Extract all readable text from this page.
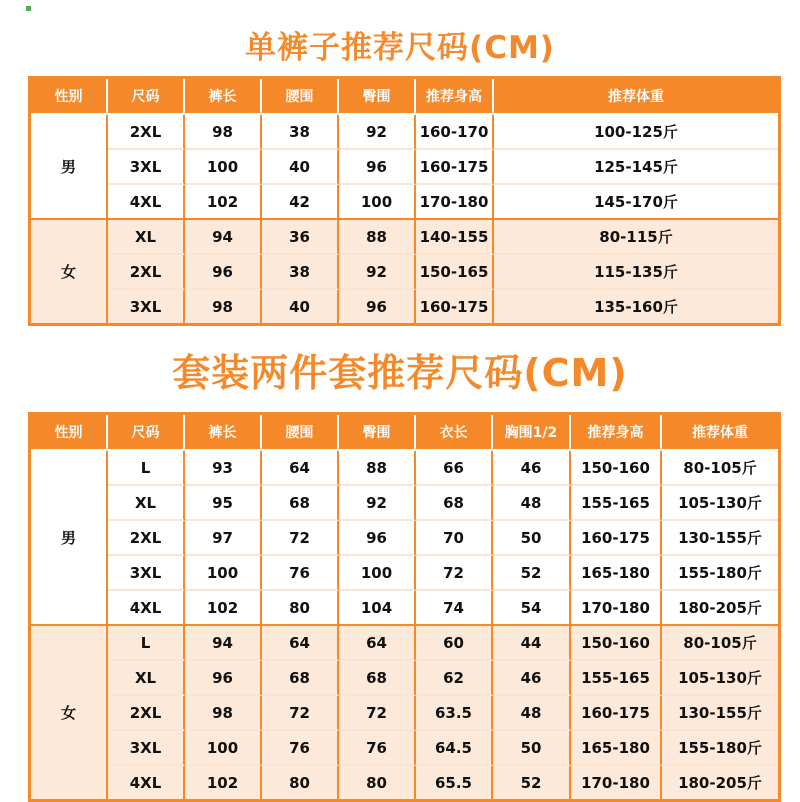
单裤子推荐尺码(CM)
性别	尺码	裤长	腰围	臀围	推荐身高	推荐体重
男	2XL	98	38	92	160-170	100-125斤
	3XL	100	40	96	160-175	125-145斤
	4XL	102	42	100	170-180	145-170斤
女	XL	94	36	88	140-155	80-115斤
	2XL	96	38	92	150-165	115-135斤
	3XL	98	40	96	160-175	135-160斤
套装两件套推荐尺码(CM)
性别	尺码	裤长	腰围	臀围	衣长	胸围1/2	推荐身高	推荐体重
男	L	93	64	88	66	46	150-160	80-105斤
	XL	95	68	92	68	48	155-165	105-130斤
	2XL	97	72	96	70	50	160-175	130-155斤
	3XL	100	76	100	72	52	165-180	155-180斤
	4XL	102	80	104	74	54	170-180	180-205斤
女	L	94	64	64	60	44	150-160	80-105斤
	XL	96	68	68	62	46	155-165	105-130斤
	2XL	98	72	72	63.5	48	160-175	130-155斤
	3XL	100	76	76	64.5	50	165-180	155-180斤
	4XL	102	80	80	65.5	52	170-180	180-205斤
